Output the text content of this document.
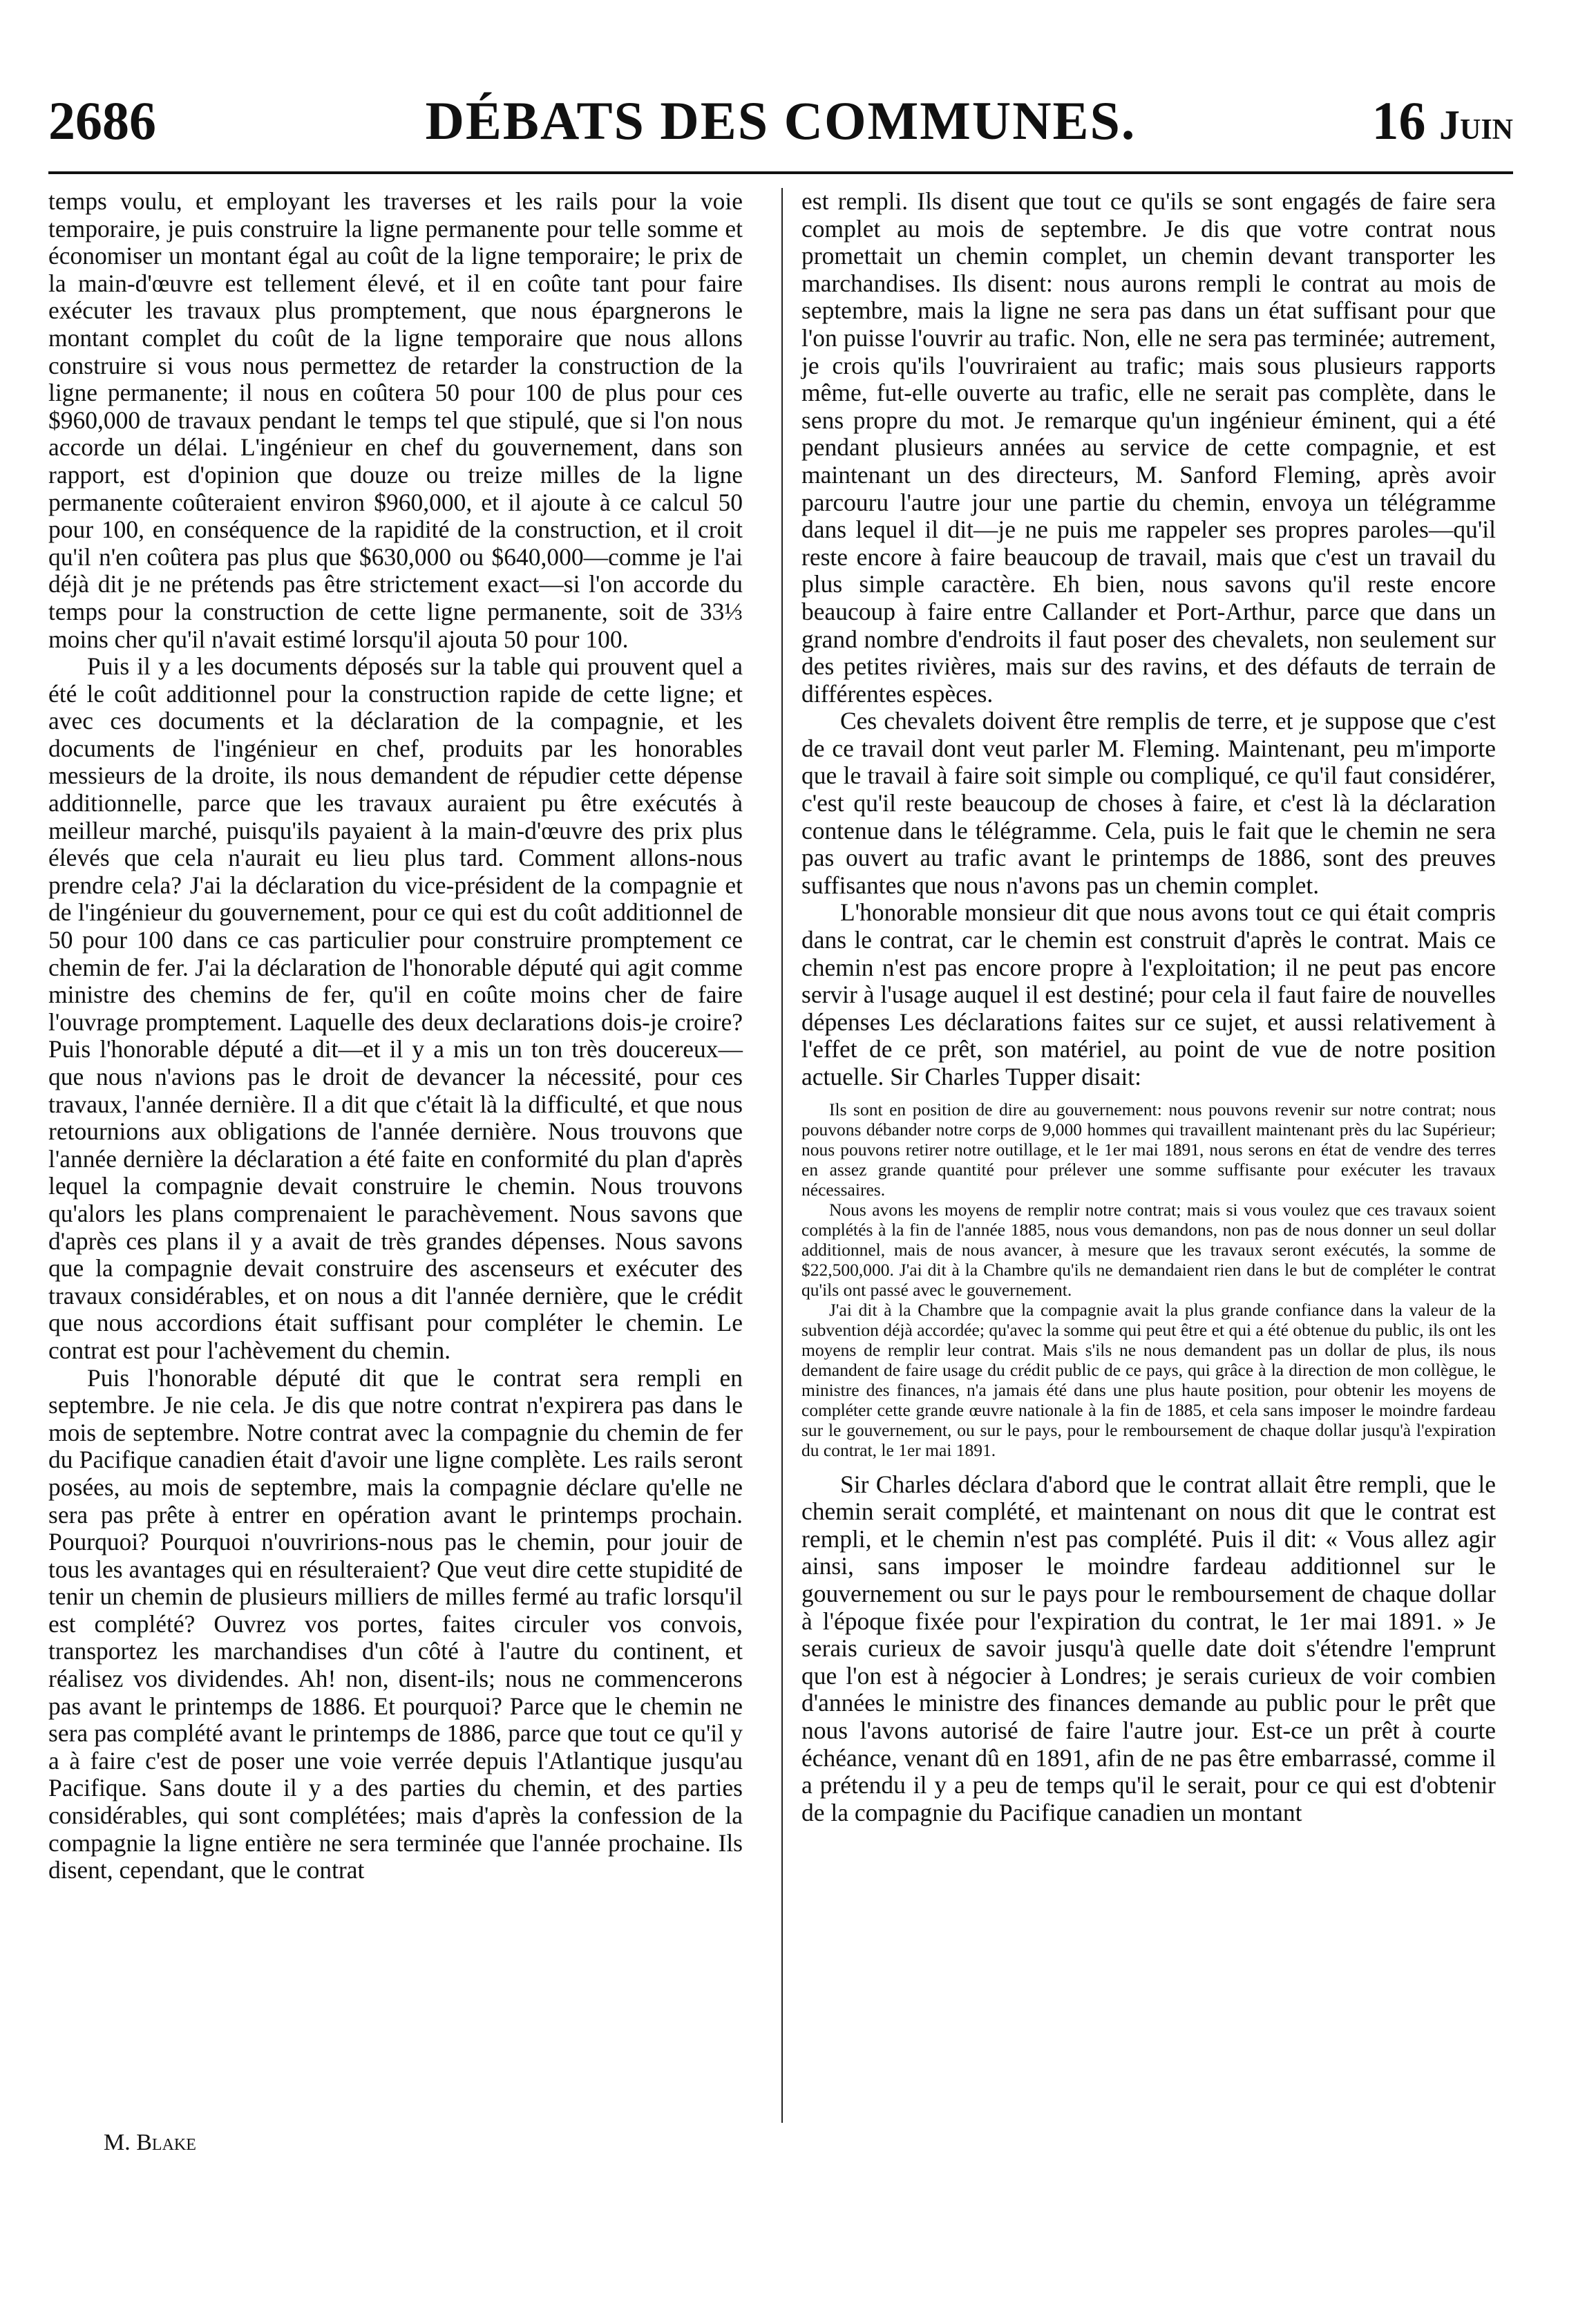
2686	DÉBATS DES COMMUNES.	16 Juin

temps voulu, et employant les traverses et les rails pour la voie temporaire, je puis construire la ligne permanente pour telle somme et économiser un montant égal au coût de la ligne temporaire; le prix de la main-d'œuvre est tellement élevé, et il en coûte tant pour faire exécuter les travaux plus promptement, que nous épargnerons le montant complet du coût de la ligne temporaire que nous allons construire si vous nous permettez de retarder la construction de la ligne permanente; il nous en coûtera 50 pour 100 de plus pour ces $960,000 de travaux pendant le temps tel que stipulé, que si l'on nous accorde un délai. L'ingénieur en chef du gouvernement, dans son rapport, est d'opinion que douze ou treize milles de la ligne permanente coûteraient environ $960,000, et il ajoute à ce calcul 50 pour 100, en conséquence de la rapidité de la construction, et il croit qu'il n'en coûtera pas plus que $630,000 ou $640,000—comme je l'ai déjà dit je ne prétends pas être strictement exact—si l'on accorde du temps pour la construction de cette ligne permanente, soit de 33⅓ moins cher qu'il n'avait estimé lorsqu'il ajouta 50 pour 100.

Puis il y a les documents déposés sur la table qui prouvent quel a été le coût additionnel pour la construction rapide de cette ligne; et avec ces documents et la déclaration de la compagnie, et les documents de l'ingénieur en chef, produits par les honorables messieurs de la droite, ils nous demandent de répudier cette dépense additionnelle, parce que les travaux auraient pu être exécutés à meilleur marché, puisqu'ils payaient à la main-d'œuvre des prix plus élevés que cela n'aurait eu lieu plus tard. Comment allons-nous prendre cela? J'ai la déclaration du vice-président de la compagnie et de l'ingénieur du gouvernement, pour ce qui est du coût additionnel de 50 pour 100 dans ce cas particulier pour construire promptement ce chemin de fer. J'ai la déclaration de l'honorable député qui agit comme ministre des chemins de fer, qu'il en coûte moins cher de faire l'ouvrage promptement. Laquelle des deux declarations dois-je croire? Puis l'honorable député a dit—et il y a mis un ton très doucereux—que nous n'avions pas le droit de devancer la nécessité, pour ces travaux, l'année dernière. Il a dit que c'était là la difficulté, et que nous retournions aux obligations de l'année dernière. Nous trouvons que l'année dernière la déclaration a été faite en conformité du plan d'après lequel la compagnie devait construire le chemin. Nous trouvons qu'alors les plans comprenaient le parachèvement. Nous savons que d'après ces plans il y a avait de très grandes dépenses. Nous savons que la compagnie devait construire des ascenseurs et exécuter des travaux considérables, et on nous a dit l'année dernière, que le crédit que nous accordions était suffisant pour compléter le chemin. Le contrat est pour l'achèvement du chemin.

Puis l'honorable député dit que le contrat sera rempli en septembre. Je nie cela. Je dis que notre contrat n'expirera pas dans le mois de septembre. Notre contrat avec la compagnie du chemin de fer du Pacifique canadien était d'avoir une ligne complète. Les rails seront posées, au mois de septembre, mais la compagnie déclare qu'elle ne sera pas prête à entrer en opération avant le printemps prochain. Pourquoi? Pourquoi n'ouvririons-nous pas le chemin, pour jouir de tous les avantages qui en résulteraient? Que veut dire cette stupidité de tenir un chemin de plusieurs milliers de milles fermé au trafic lorsqu'il est complété? Ouvrez vos portes, faites circuler vos convois, transportez les marchandises d'un côté à l'autre du continent, et réalisez vos dividendes. Ah! non, disent-ils; nous ne commencerons pas avant le printemps de 1886. Et pourquoi? Parce que le chemin ne sera pas complété avant le printemps de 1886, parce que tout ce qu'il y a à faire c'est de poser une voie verrée depuis l'Atlantique jusqu'au Pacifique. Sans doute il y a des parties du chemin, et des parties considérables, qui sont complétées; mais d'après la confession de la compagnie la ligne entière ne sera terminée que l'année prochaine. Ils disent, cependant, que le contrat

est rempli. Ils disent que tout ce qu'ils se sont engagés de faire sera complet au mois de septembre. Je dis que votre contrat nous promettait un chemin complet, un chemin devant transporter les marchandises. Ils disent: nous aurons rempli le contrat au mois de septembre, mais la ligne ne sera pas dans un état suffisant pour que l'on puisse l'ouvrir au trafic. Non, elle ne sera pas terminée; autrement, je crois qu'ils l'ouvriraient au trafic; mais sous plusieurs rapports même, fut-elle ouverte au trafic, elle ne serait pas complète, dans le sens propre du mot. Je remarque qu'un ingénieur éminent, qui a été pendant plusieurs années au service de cette compagnie, et est maintenant un des directeurs, M. Sanford Fleming, après avoir parcouru l'autre jour une partie du chemin, envoya un télégramme dans lequel il dit—je ne puis me rappeler ses propres paroles—qu'il reste encore à faire beaucoup de travail, mais que c'est un travail du plus simple caractère. Eh bien, nous savons qu'il reste encore beaucoup à faire entre Callander et Port-Arthur, parce que dans un grand nombre d'endroits il faut poser des chevalets, non seulement sur des petites rivières, mais sur des ravins, et des défauts de terrain de différentes espèces.

Ces chevalets doivent être remplis de terre, et je suppose que c'est de ce travail dont veut parler M. Fleming. Maintenant, peu m'importe que le travail à faire soit simple ou compliqué, ce qu'il faut considérer, c'est qu'il reste beaucoup de choses à faire, et c'est là la déclaration contenue dans le télégramme. Cela, puis le fait que le chemin ne sera pas ouvert au trafic avant le printemps de 1886, sont des preuves suffisantes que nous n'avons pas un chemin complet.

L'honorable monsieur dit que nous avons tout ce qui était compris dans le contrat, car le chemin est construit d'après le contrat. Mais ce chemin n'est pas encore propre à l'exploitation; il ne peut pas encore servir à l'usage auquel il est destiné; pour cela il faut faire de nouvelles dépenses Les déclarations faites sur ce sujet, et aussi relativement à l'effet de ce prêt, son matériel, au point de vue de notre position actuelle. Sir Charles Tupper disait:

Ils sont en position de dire au gouvernement: nous pouvons revenir sur notre contrat; nous pouvons débander notre corps de 9,000 hommes qui travaillent maintenant près du lac Supérieur; nous pouvons retirer notre outillage, et le 1er mai 1891, nous serons en état de vendre des terres en assez grande quantité pour prélever une somme suffisante pour exécuter les travaux nécessaires.

Nous avons les moyens de remplir notre contrat; mais si vous voulez que ces travaux soient complétés à la fin de l'année 1885, nous vous demandons, non pas de nous donner un seul dollar additionnel, mais de nous avancer, à mesure que les travaux seront exécutés, la somme de $22,500,000. J'ai dit à la Chambre qu'ils ne demandaient rien dans le but de compléter le contrat qu'ils ont passé avec le gouvernement.

J'ai dit à la Chambre que la compagnie avait la plus grande confiance dans la valeur de la subvention déjà accordée; qu'avec la somme qui peut être et qui a été obtenue du public, ils ont les moyens de remplir leur contrat. Mais s'ils ne nous demandent pas un dollar de plus, ils nous demandent de faire usage du crédit public de ce pays, qui grâce à la direction de mon collègue, le ministre des finances, n'a jamais été dans une plus haute position, pour obtenir les moyens de compléter cette grande œuvre nationale à la fin de 1885, et cela sans imposer le moindre fardeau sur le gouvernement, ou sur le pays, pour le remboursement de chaque dollar jusqu'à l'expiration du contrat, le 1er mai 1891.

Sir Charles déclara d'abord que le contrat allait être rempli, que le chemin serait complété, et maintenant on nous dit que le contrat est rempli, et le chemin n'est pas complété. Puis il dit: « Vous allez agir ainsi, sans imposer le moindre fardeau additionnel sur le gouvernement ou sur le pays pour le remboursement de chaque dollar à l'époque fixée pour l'expiration du contrat, le 1er mai 1891. » Je serais curieux de savoir jusqu'à quelle date doit s'étendre l'emprunt que l'on est à négocier à Londres; je serais curieux de voir combien d'années le ministre des finances demande au public pour le prêt que nous l'avons autorisé de faire l'autre jour. Est-ce un prêt à courte échéance, venant dû en 1891, afin de ne pas être embarrassé, comme il a prétendu il y a peu de temps qu'il le serait, pour ce qui est d'obtenir de la compagnie du Pacifique canadien un montant

M. Blake
